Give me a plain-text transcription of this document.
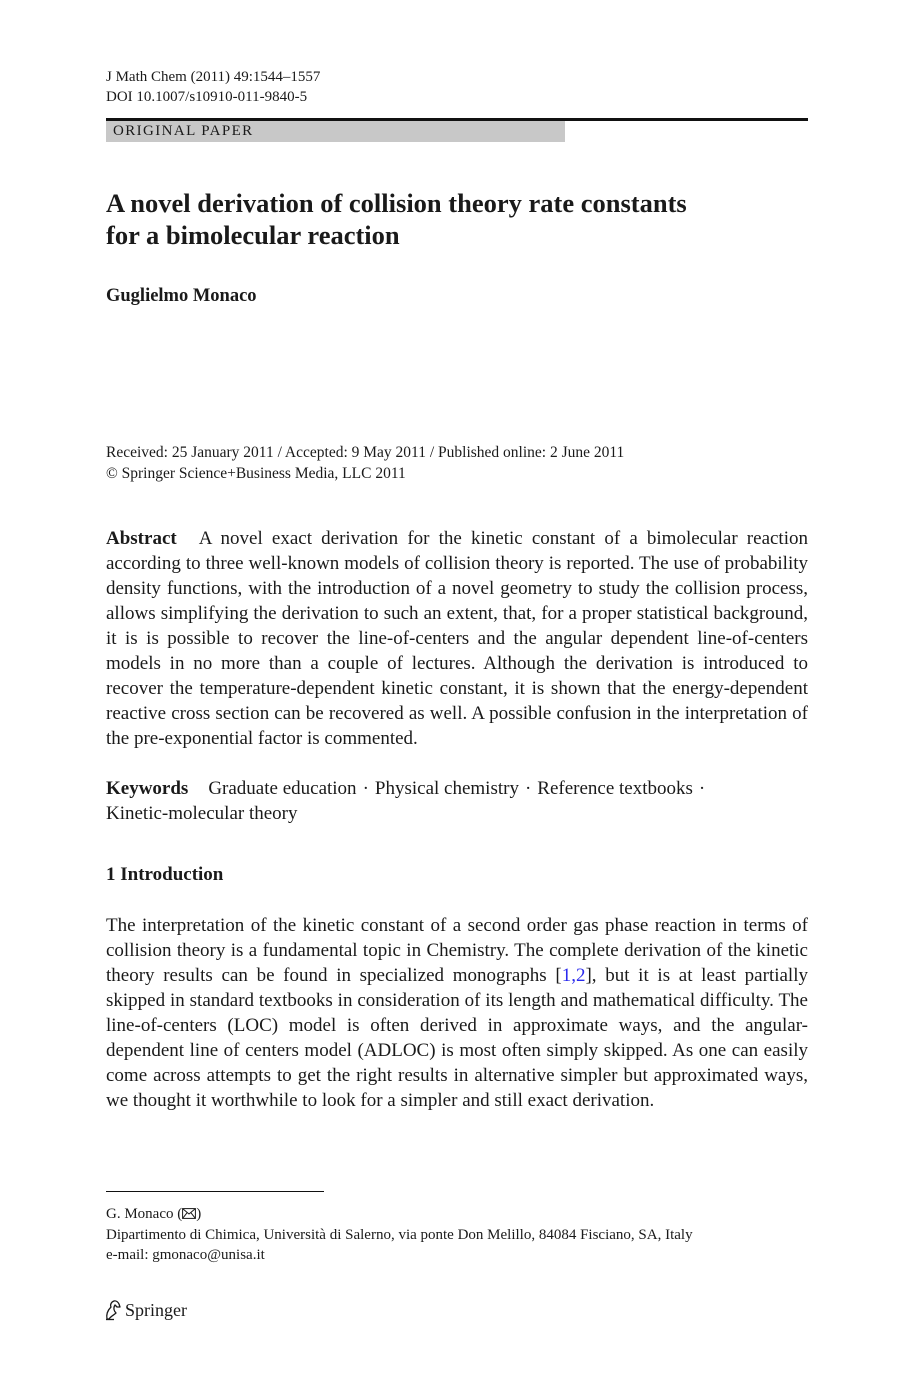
J Math Chem (2011) 49:1544–1557
DOI 10.1007/s10910-011-9840-5
ORIGINAL PAPER
A novel derivation of collision theory rate constants
for a bimolecular reaction
Guglielmo Monaco
Received: 25 January 2011 / Accepted: 9 May 2011 / Published online: 2 June 2011
© Springer Science+Business Media, LLC 2011

Abstract A novel exact derivation for the kinetic constant of a bimolecular reaction according to three well-known models of collision theory is reported. The use of probability density functions, with the introduction of a novel geometry to study the collision process, allows simplifying the derivation to such an extent, that, for a proper statistical background, it is is possible to recover the line-of-centers and the angular dependent line-of-centers models in no more than a couple of lectures. Although the derivation is introduced to recover the temperature-dependent kinetic constant, it is shown that the energy-dependent reactive cross section can be recovered as well. A possible confusion in the interpretation of the pre-exponential factor is commented.

Keywords Graduate education · Physical chemistry · Reference textbooks ·
Kinetic-molecular theory

1 Introduction

The interpretation of the kinetic constant of a second order gas phase reaction in terms of collision theory is a fundamental topic in Chemistry. The complete derivation of the kinetic theory results can be found in specialized monographs [1,2], but it is at least partially skipped in standard textbooks in consideration of its length and mathematical difficulty. The line-of-centers (LOC) model is often derived in approximate ways, and the angular-dependent line of centers model (ADLOC) is most often simply skipped. As one can easily come across attempts to get the right results in alternative simpler but approximated ways, we thought it worthwhile to look for a simpler and still exact derivation.

G. Monaco ( )
Dipartimento di Chimica, Università di Salerno, via ponte Don Melillo, 84084 Fisciano, SA, Italy
e-mail: gmonaco@unisa.it
Springer
